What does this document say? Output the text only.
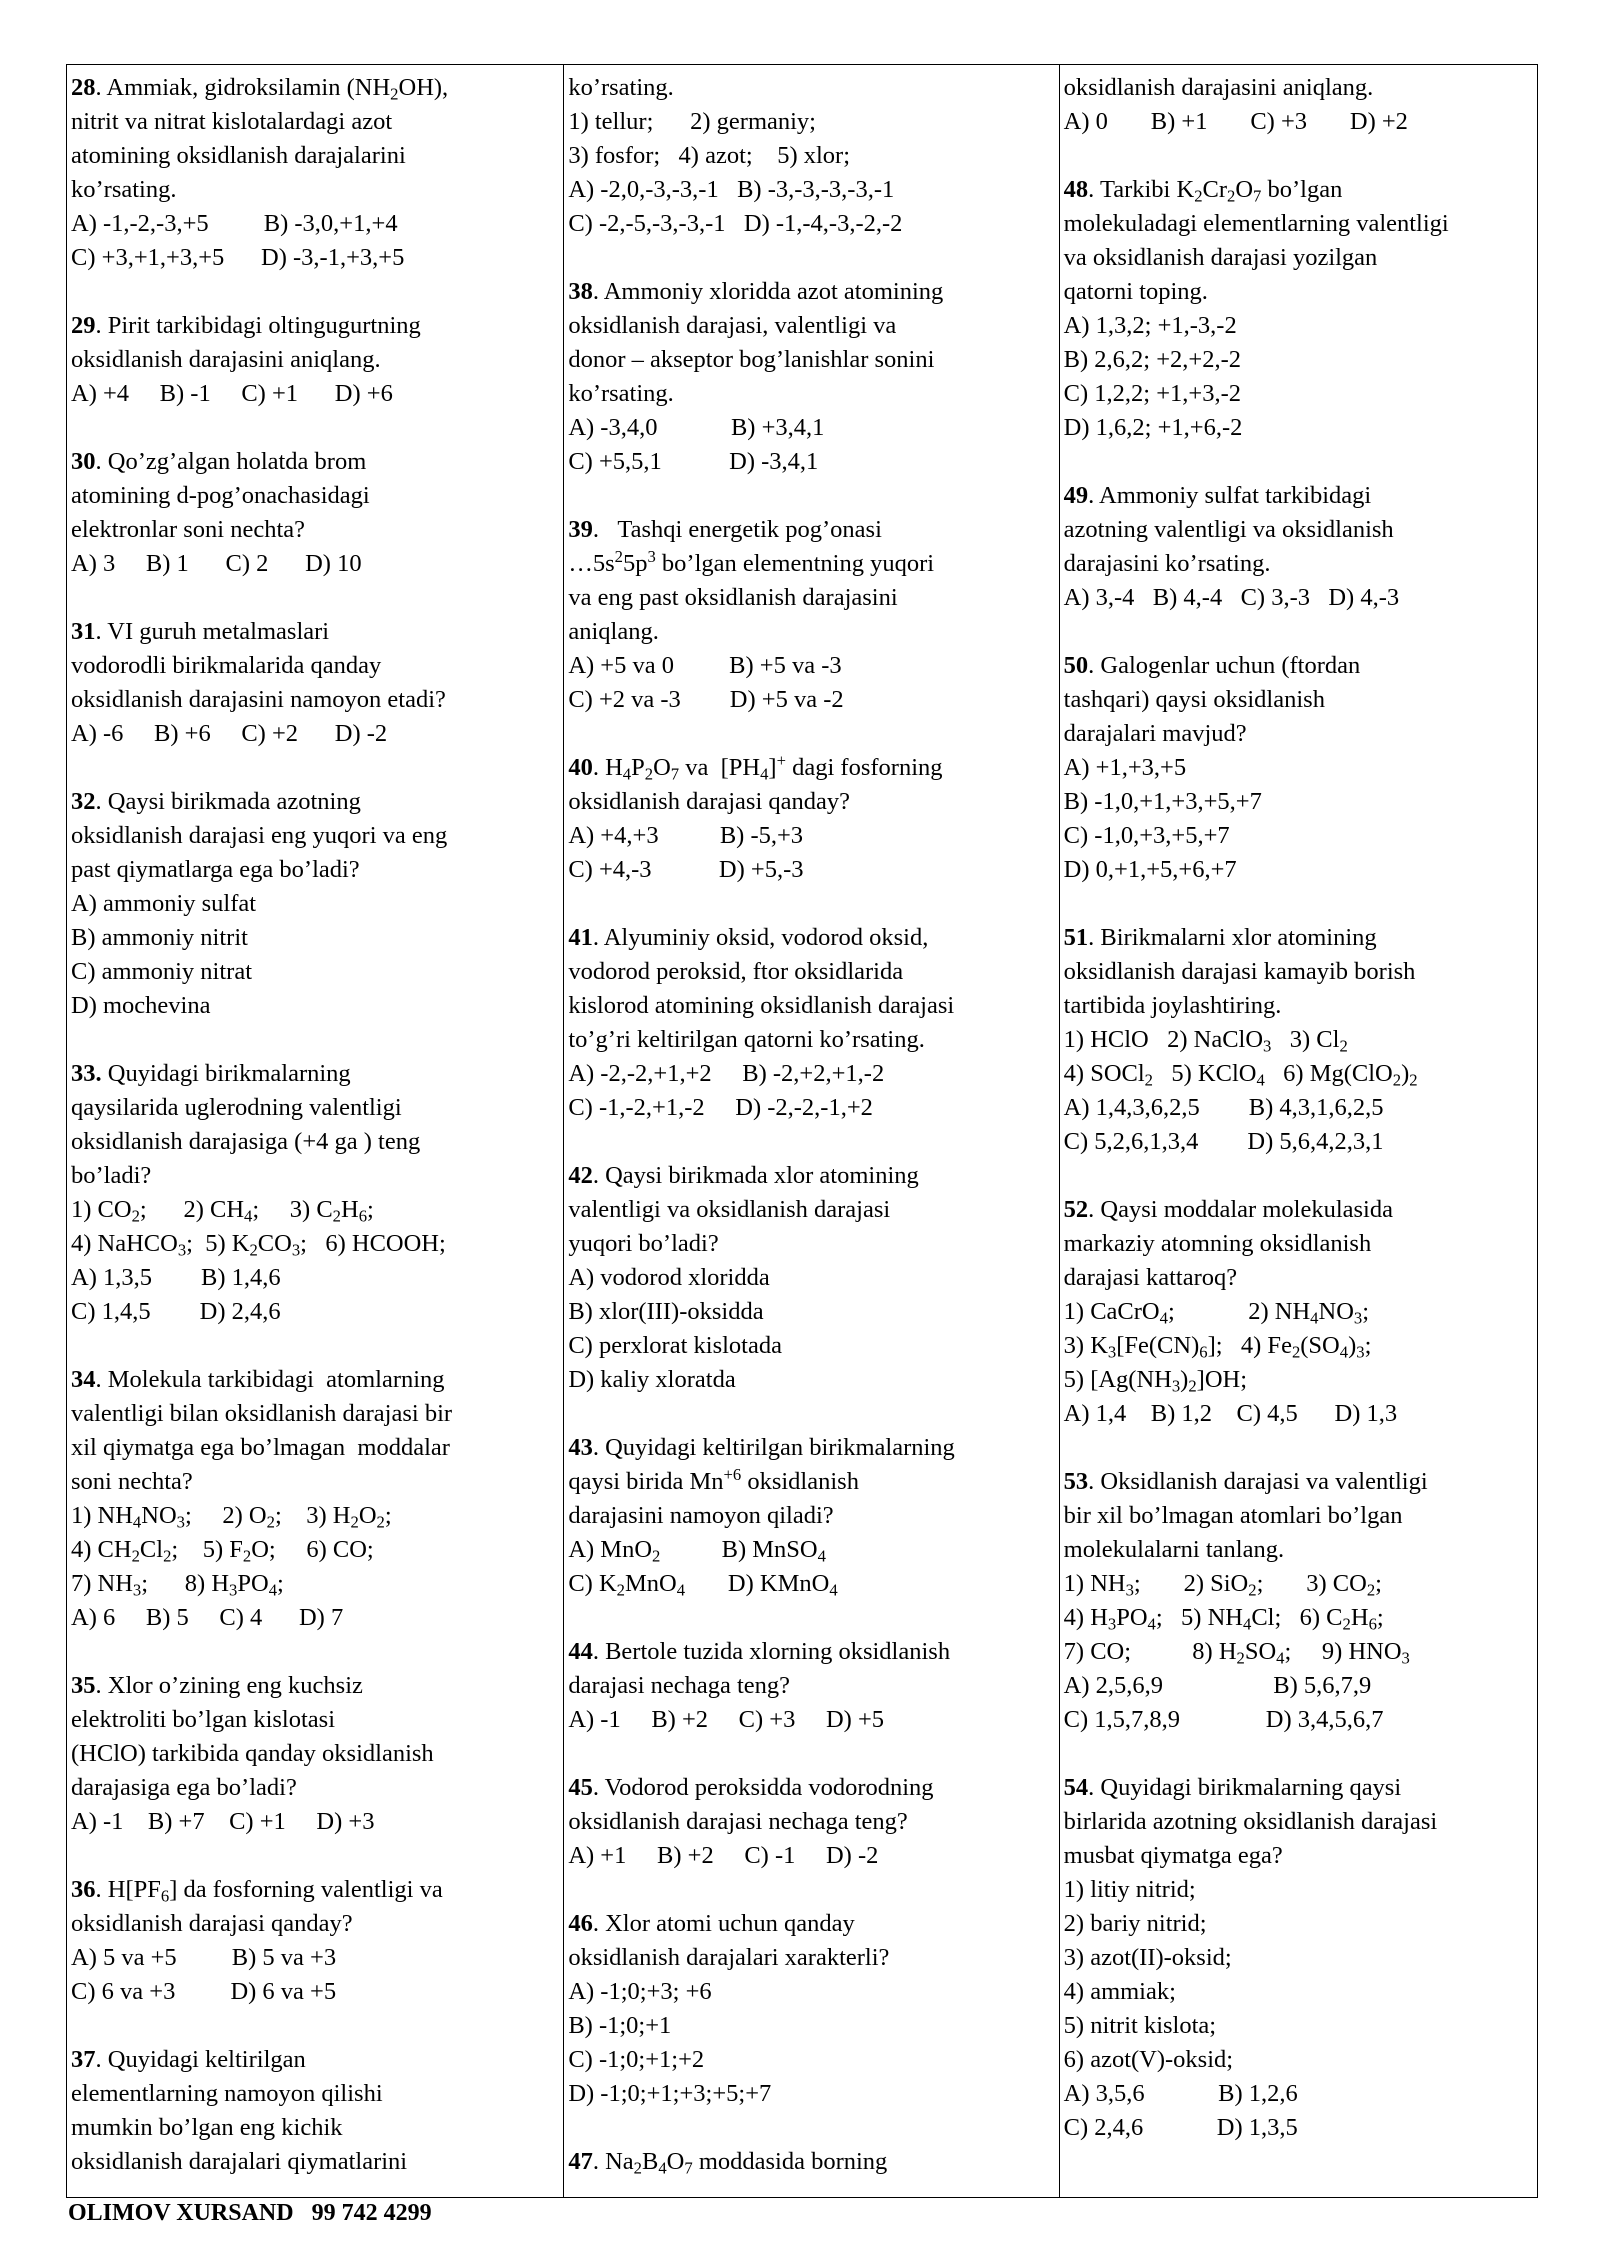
28. Ammiak, gidroksilamin $(NH_2OH)$,
nitrit va nitrat kislotalardagi azot
atomining oksidlanish darajalarini
ko’rsating.
A) -1,-2,-3,+5         B) -3,0,+1,+4
C) +3,+1,+3,+5      D) -3,-1,+3,+5
29. Pirit tarkibidagi oltingugurtning
oksidlanish darajasini aniqlang.
A) +4     B) -1     C) +1      D) +6
30. Qo’zg’algan holatda brom
atomining d-pog’onachasidagi
elektronlar soni nechta?
A) 3     B) 1      C) 2      D) 10
31. VI guruh metalmaslari
vodorodli birikmalarida qanday
oksidlanish darajasini namoyon etadi?
A) -6     B) +6     C) +2      D) -2
32. Qaysi birikmada azotning
oksidlanish darajasi eng yuqori va eng
past qiymatlarga ega bo’ladi?
A) ammoniy sulfat
B) ammoniy nitrit
C) ammoniy nitrat
D) mochevina
33. Quyidagi birikmalarning
qaysilarida uglerodning valentligi
oksidlanish darajasiga (+4 ga ) teng
bo’ladi?
1) $CO_2$;      2) $CH_4$;     3) $C_2H_6$;
4) NaHCO$_3$;  5) $K_2CO_3$;   6) HCOOH;
A) 1,3,5        B) 1,4,6
C) 1,4,5        D) 2,4,6
34. Molekula tarkibidagi  atomlarning
valentligi bilan oksidlanish darajasi bir
xil qiymatga ega bo’lmagan  moddalar
soni nechta?
1) $NH_4NO_3$;     2) $O_2$;    3) $H_2O_2$;
4) $CH_2Cl_2$;    5) $F_2O$;     6) CO;
7) $NH_3$;      8) $H_3PO_4$;
A) 6     B) 5     C) 4      D) 7
35. Xlor o’zining eng kuchsiz
elektroliti bo’lgan kislotasi
(HClO) tarkibida qanday oksidlanish
darajasiga ega bo’ladi?
A) -1    B) +7    C) +1     D) +3
36. $H[PF_6]$ da fosforning valentligi va
oksidlanish darajasi qanday?
A) 5 va +5         B) 5 va +3
C) 6 va +3         D) 6 va +5
37. Quyidagi keltirilgan
elementlarning namoyon qilishi
mumkin bo’lgan eng kichik
oksidlanish darajalari qiymatlarini
ko’rsating.
1) tellur;      2) germaniy;
3) fosfor;   4) azot;    5) xlor;
A) -2,0,-3,-3,-1   B) -3,-3,-3,-3,-1
C) -2,-5,-3,-3,-1   D) -1,-4,-3,-2,-2
38. Ammoniy xloridda azot atomining
oksidlanish darajasi, valentligi va
donor – akseptor bog’lanishlar sonini
ko’rsating.
A) -3,4,0            B) +3,4,1
C) +5,5,1           D) -3,4,1
39.   Tashqi energetik pog’onasi
$\dots 5s^25p^3$ bo’lgan elementning yuqori
va eng past oksidlanish darajasini
aniqlang.
A) +5 va 0         B) +5 va -3
C) +2 va -3        D) +5 va -2
40. $H_4P_2O_7$ va  $[PH_4]^+$ dagi fosforning
oksidlanish darajasi qanday?
A) +4,+3          B) -5,+3
C) +4,-3           D) +5,-3
41. Alyuminiy oksid, vodorod oksid,
vodorod peroksid, ftor oksidlarida
kislorod atomining oksidlanish darajasi
to’g’ri keltirilgan qatorni ko’rsating.
A) -2,-2,+1,+2     B) -2,+2,+1,-2
C) -1,-2,+1,-2     D) -2,-2,-1,+2
42. Qaysi birikmada xlor atomining
valentligi va oksidlanish darajasi
yuqori bo’ladi?
A) vodorod xloridda
B) xlor(III)-oksidda
C) perxlorat kislotada
D) kaliy xloratda
43. Quyidagi keltirilgan birikmalarning
qaysi birida $Mn^{+6}$ oksidlanish
darajasini namoyon qiladi?
A) MnO$_2$          B) MnSO$_4$
C) $K_2MnO_4$       D) KMnO$_4$
44. Bertole tuzida xlorning oksidlanish
darajasi nechaga teng?
A) -1     B) +2     C) +3     D) +5
45. Vodorod peroksidda vodorodning
oksidlanish darajasi nechaga teng?
A) +1     B) +2     C) -1     D) -2
46. Xlor atomi uchun qanday
oksidlanish darajalari xarakterli?
A) -1;0;+3; +6
B) -1;0;+1
C) -1;0;+1;+2
D) -1;0;+1;+3;+5;+7
47. $Na_2B_4O_7$ moddasida borning
oksidlanish darajasini aniqlang.
A) 0       B) +1       C) +3       D) +2
48. Tarkibi $K_2Cr_2O_7$ bo’lgan
molekuladagi elementlarning valentligi
va oksidlanish darajasi yozilgan
qatorni toping.
A) 1,3,2; +1,-3,-2
B) 2,6,2; +2,+2,-2
C) 1,2,2; +1,+3,-2
D) 1,6,2; +1,+6,-2
49. Ammoniy sulfat tarkibidagi
azotning valentligi va oksidlanish
darajasini ko’rsating.
A) 3,-4   B) 4,-4   C) 3,-3   D) 4,-3
50. Galogenlar uchun (ftordan
tashqari) qaysi oksidlanish
darajalari mavjud?
A) +1,+3,+5
B) -1,0,+1,+3,+5,+7
C) -1,0,+3,+5,+7
D) 0,+1,+5,+6,+7
51. Birikmalarni xlor atomining
oksidlanish darajasi kamayib borish
tartibida joylashtiring.
1) HClO   2) NaClO$_3$   3) $Cl_2$
4) SOCl$_2$   5) KClO$_4$   6) $Mg(ClO_2)_2$
A) 1,4,3,6,2,5        B) 4,3,1,6,2,5
C) 5,2,6,1,3,4        D) 5,6,4,2,3,1
52. Qaysi moddalar molekulasida
markaziy atomning oksidlanish
darajasi kattaroq?
1) CaCrO$_4$;            2) $NH_4NO_3$;
3) $K_3[Fe(CN)_6]$;   4) $Fe_2(SO_4)_3$;
5) $[Ag(NH_3)_2]OH$;
A) 1,4    B) 1,2    C) 4,5      D) 1,3
53. Oksidlanish darajasi va valentligi
bir xil bo’lmagan atomlari bo’lgan
molekulalarni tanlang.
1) $NH_3$;       2) SiO$_2$;       3) $CO_2$;
4) $H_3PO_4$;   5) $NH_4Cl$;   6) $C_2H_6$;
7) CO;          8) $H_2SO_4$;     9) $HNO_3$
A) 2,5,6,9                  B) 5,6,7,9
C) 1,5,7,8,9              D) 3,4,5,6,7
54. Quyidagi birikmalarning qaysi
birlarida azotning oksidlanish darajasi
musbat qiymatga ega?
1) litiy nitrid;
2) bariy nitrid;
3) azot(II)-oksid;
4) ammiak;
5) nitrit kislota;
6) azot(V)-oksid;
A) 3,5,6            B) 1,2,6
C) 2,4,6            D) 1,3,5
OLIMOV XURSAND   99 742 4299
